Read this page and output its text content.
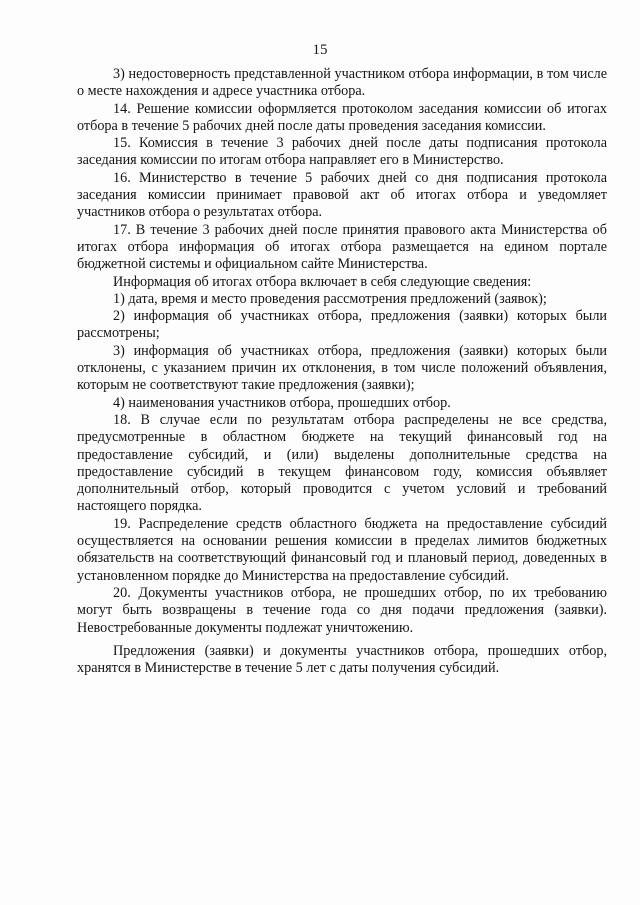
15

3) недостоверность представленной участником отбора информации, в том числе о месте нахождения и адресе участника отбора.

14. Решение комиссии оформляется протоколом заседания комиссии об итогах отбора в течение 5 рабочих дней после даты проведения заседания комиссии.

15. Комиссия в течение 3 рабочих дней после даты подписания протокола заседания комиссии по итогам отбора направляет его в Министерство.

16. Министерство в течение 5 рабочих дней со дня подписания протокола заседания комиссии принимает правовой акт об итогах отбора и уведомляет участников отбора о результатах отбора.

17. В течение 3 рабочих дней после принятия правового акта Министерства об итогах отбора информация об итогах отбора размещается на едином портале бюджетной системы и официальном сайте Министерства.

Информация об итогах отбора включает в себя следующие сведения:

1) дата, время и место проведения рассмотрения предложений (заявок);

2) информация об участниках отбора, предложения (заявки) которых были рассмотрены;

3) информация об участниках отбора, предложения (заявки) которых были отклонены, с указанием причин их отклонения, в том числе положений объявления, которым не соответствуют такие предложения (заявки);

4) наименования участников отбора, прошедших отбор.

18. В случае если по результатам отбора распределены не все средства, предусмотренные в областном бюджете на текущий финансовый год на предоставление субсидий, и (или) выделены дополнительные средства на предоставление субсидий в текущем финансовом году, комиссия объявляет дополнительный отбор, который проводится с учетом условий и требований настоящего порядка.

19. Распределение средств областного бюджета на предоставление субсидий осуществляется на основании решения комиссии в пределах лимитов бюджетных обязательств на соответствующий финансовый год и плановый период, доведенных в установленном порядке до Министерства на предоставление субсидий.

20. Документы участников отбора, не прошедших отбор, по их требованию могут быть возвращены в течение года со дня подачи предложения (заявки). Невостребованные документы подлежат уничтожению.

Предложения (заявки) и документы участников отбора, прошедших отбор, хранятся в Министерстве в течение 5 лет с даты получения субсидий.
